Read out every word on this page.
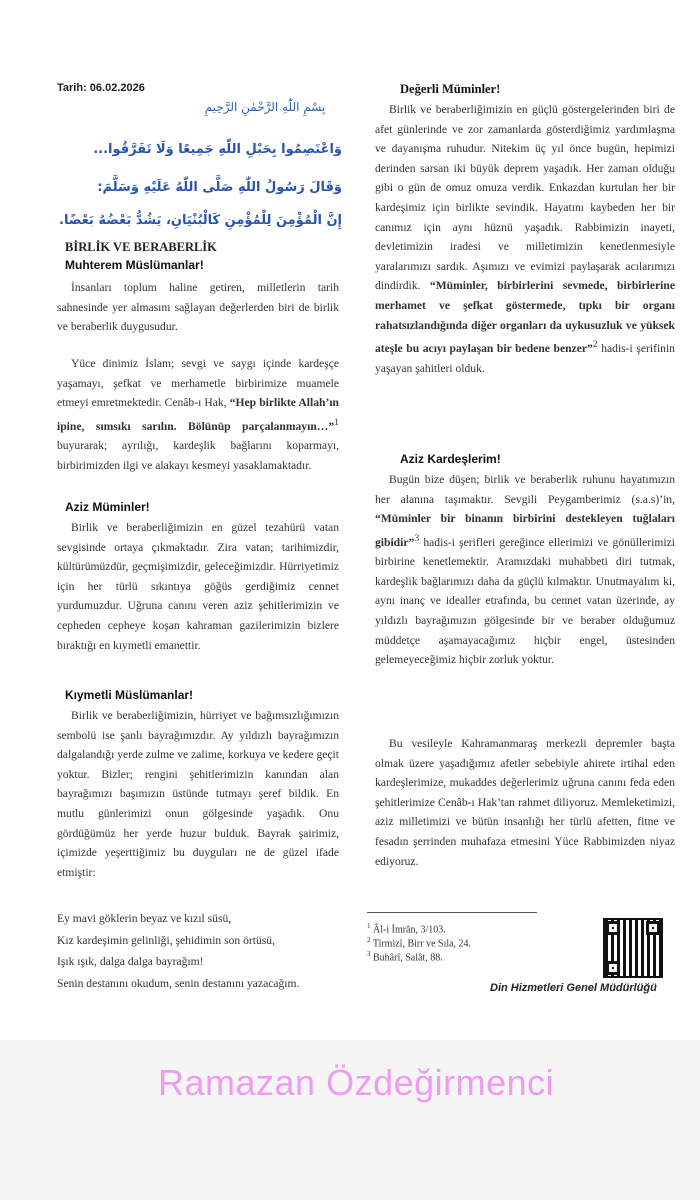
Tarih: 06.02.2026
بِسْمِ اللّٰهِ الرَّحْمٰنِ الرَّحِيمِ
وَاعْتَصِمُوا بِحَبْلِ اللّٰهِ جَمِيعًا وَلَا تَفَرَّقُوا...
وَقَالَ رَسُولُ اللّٰهِ صَلَّى اللّٰهُ عَلَيْهِ وَسَلَّمَ:
إِنَّ الْمُؤْمِنَ لِلْمُؤْمِنِ كَالْبُنْيَانِ، يَشُدُّ بَعْضُهُ بَعْضًا.
BİRLİK VE BERABERLİK
Muhterem Müslümanlar!

İnsanları toplum haline getiren, milletlerin tarih sahnesinde yer almasını sağlayan değerlerden biri de birlik ve beraberlik duygusudur.

Yüce dinimiz İslam; sevgi ve saygı içinde kardeşçe yaşamayı, şefkat ve merhametle birbirimize muamele etmeyi emretmektedir. Cenâb-ı Hak, “Hep birlikte Allah’ın ipine, sımsıkı sarılın. Bölünüp parçalanmayın…”$^1$ buyurarak; ayrılığı, kardeşlik bağlarını koparmayı, birbirimizden ilgi ve alakayı kesmeyi yasaklamaktadır.

Aziz Müminler!

Birlik ve beraberliğimizin en güzel tezahürü vatan sevgisinde ortaya çıkmaktadır. Zira vatan; tarihimizdir, kültürümüzdür, geçmişimizdir, geleceğimizdir. Hürriyetimiz için her türlü sıkıntıya göğüs gerdiğimiz cennet yurdumuzdur. Uğruna canını veren aziz şehitlerimizin ve cepheden cepheye koşan kahraman gazilerimizin bizlere bıraktığı en kıymetli emanettir.

Kıymetli Müslümanlar!

Birlik ve beraberliğimizin, hürriyet ve bağımsızlığımızın sembolü ise şanlı bayrağımızdır. Ay yıldızlı bayrağımızın dalgalandığı yerde zulme ve zalime, korkuya ve kedere geçit yoktur. Bizler; rengini şehitlerimizin kanından alan bayrağımızı başımızın üstünde tutmayı şeref bildik. En mutlu günlerimizi onun gölgesinde yaşadık. Onu gördüğümüz her yerde huzur bulduk. Bayrak şairimiz, içimizde yeşerttiğimiz bu duyguları ne de güzel ifade etmiştir:

Ey mavi göklerin beyaz ve kızıl süsü,
Kız kardeşimin gelinliği, şehidimin son örtüsü,
Işık ışık, dalga dalga bayrağım!
Senin destanını okudum, senin destanını yazacağım.
Değerli Müminler!

Birlik ve beraberliğimizin en güçlü göstergelerinden biri de afet günlerinde ve zor zamanlarda gösterdiğimiz yardımlaşma ve dayanışma ruhudur. Nitekim üç yıl önce bugün, hepimizi derinden sarsan iki büyük deprem yaşadık. Her zaman olduğu gibi o gün de omuz omuza verdik. Enkazdan kurtulan her bir kardeşimiz için birlikte sevindik. Hayatını kaybeden her bir canımız için aynı hüznü yaşadık. Rabbimizin inayeti, devletimizin iradesi ve milletimizin kenetlenmesiyle yaralarımızı sardık. Aşımızı ve evimizi paylaşarak acılarımızı dindirdik. “Müminler, birbirlerini sevmede, birbirlerine merhamet ve şefkat göstermede, tıpkı bir organı rahatsızlandığında diğer organları da uykusuzluk ve yüksek ateşle bu acıyı paylaşan bir bedene benzer”$^2$ hadis-i şerifinin yaşayan şahitleri olduk.

Aziz Kardeşlerim!

Bugün bize düşen; birlik ve beraberlik ruhunu hayatımızın her alanına taşımaktır. Sevgili Peygamberimiz (s.a.s)’in, “Müminler bir binanın birbirini destekleyen tuğlaları gibidir”$^3$ hadis-i şerifleri gereğince ellerimizi ve gönüllerimizi birbirine kenetlemektir. Aramızdaki muhabbeti diri tutmak, kardeşlik bağlarımızı daha da güçlü kılmaktır. Unutmayalım ki, aynı inanç ve idealler etrafında, bu cennet vatan üzerinde, ay yıldızlı bayrağımızın gölgesinde bir ve beraber olduğumuz müddetçe aşamayacağımız hiçbir engel, üstesinden gelemeyeceğimiz hiçbir zorluk yoktur.

Bu vesileyle Kahramanmaraş merkezli depremler başta olmak üzere yaşadığımız afetler sebebiyle ahirete irtihal eden kardeşlerimize, mukaddes değerlerimiz uğruna canını feda eden şehitlerimize Cenâb-ı Hak’tan rahmet diliyoruz. Memleketimizi, aziz milletimizi ve bütün insanlığı her türlü afetten, fitne ve fesadın şerrinden muhafaza etmesini Yüce Rabbimizden niyaz ediyoruz.

$^1$ Âl-i İmrân, 3/103.
$^2$ Tirmizî, Birr ve Sıla, 24.
$^3$ Buhârî, Salât, 88.
Din Hizmetleri Genel Müdürlüğü
Ramazan Özdeğirmenci
